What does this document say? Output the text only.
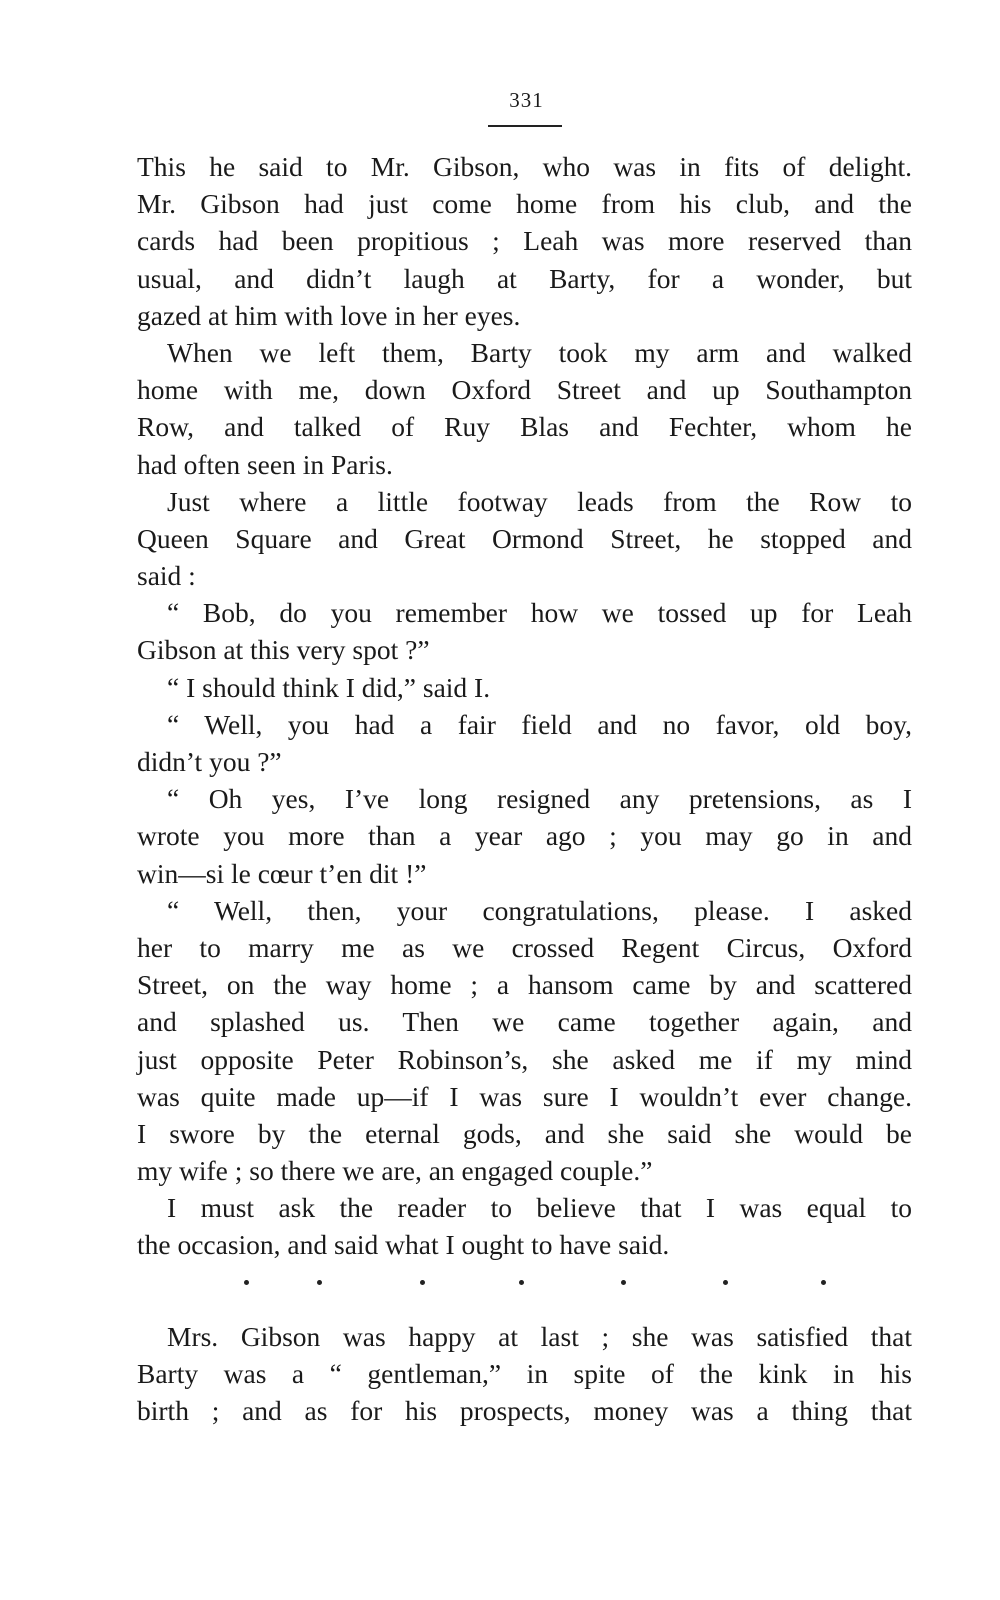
331
This he said to Mr. Gibson, who was in fits of delight.
Mr. Gibson had just come home from his club, and the
cards had been propitious ; Leah was more reserved than
usual, and didn’t laugh at Barty, for a wonder, but
gazed at him with love in her eyes.
When we left them, Barty took my arm and walked
home with me, down Oxford Street and up Southampton
Row, and talked of Ruy Blas and Fechter, whom he
had often seen in Paris.
Just where a little footway leads from the Row to
Queen Square and Great Ormond Street, he stopped and
said :
“ Bob, do you remember how we tossed up for Leah
Gibson at this very spot ?”
“ I should think I did,” said I.
“ Well, you had a fair field and no favor, old boy,
didn’t you ?”
“ Oh yes, I’ve long resigned any pretensions, as I
wrote you more than a year ago ; you may go in and
win—si le cœur t’en dit !”
“ Well, then, your congratulations, please. I asked
her to marry me as we crossed Regent Circus, Oxford
Street, on the way home ; a hansom came by and scattered
and splashed us. Then we came together again, and
just opposite Peter Robinson’s, she asked me if my mind
was quite made up—if I was sure I wouldn’t ever change.
I swore by the eternal gods, and she said she would be
my wife ; so there we are, an engaged couple.”
I must ask the reader to believe that I was equal to
the occasion, and said what I ought to have said.
Mrs. Gibson was happy at last ; she was satisfied that
Barty was a “ gentleman,” in spite of the kink in his
birth ; and as for his prospects, money was a thing that
